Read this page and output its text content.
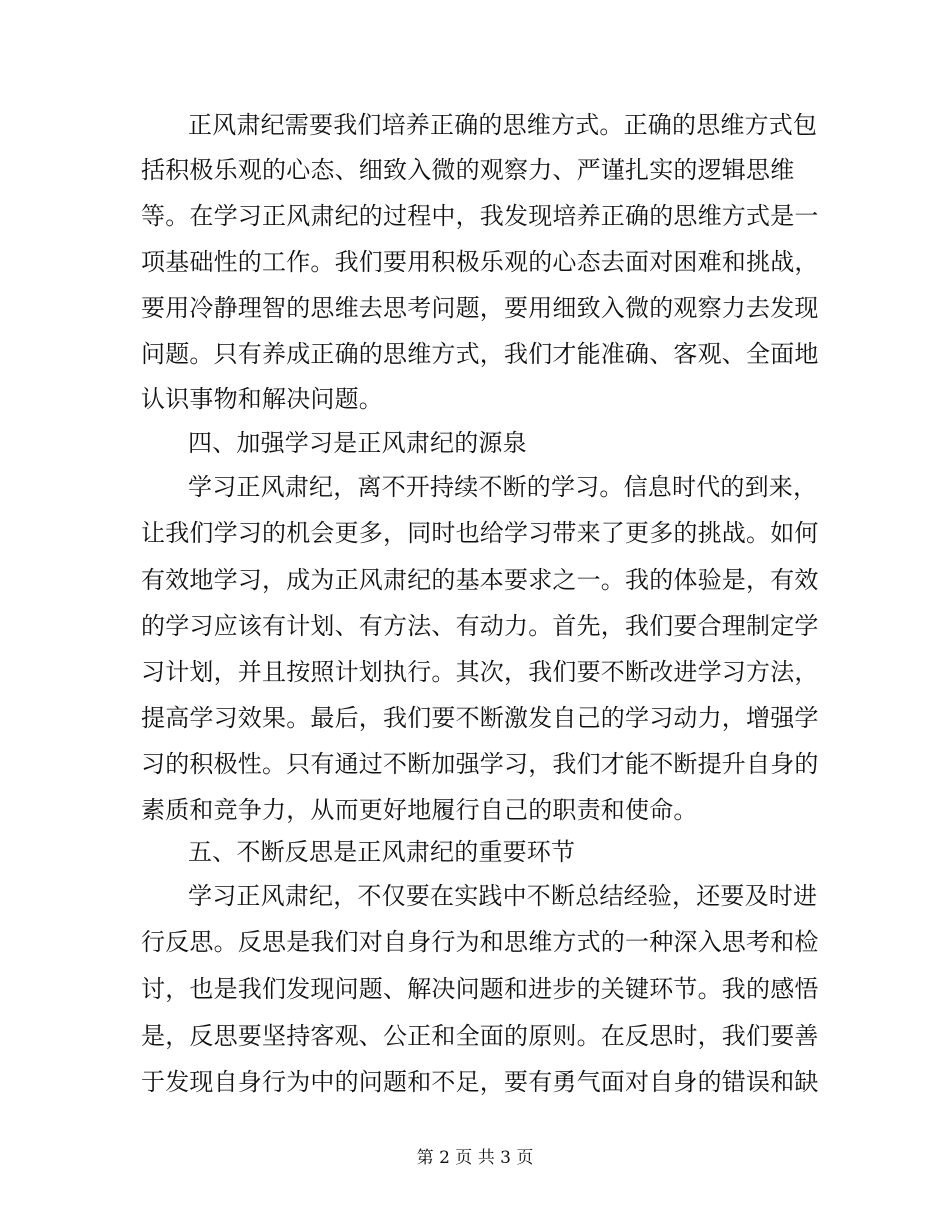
正风肃纪需要我们培养正确的思维方式。正确的思维方式包
括积极乐观的心态、细致入微的观察力、严谨扎实的逻辑思维
等。在学习正风肃纪的过程中，我发现培养正确的思维方式是一
项基础性的工作。我们要用积极乐观的心态去面对困难和挑战，
要用冷静理智的思维去思考问题，要用细致入微的观察力去发现
问题。只有养成正确的思维方式，我们才能准确、客观、全面地
认识事物和解决问题。
四、加强学习是正风肃纪的源泉
学习正风肃纪，离不开持续不断的学习。信息时代的到来，
让我们学习的机会更多，同时也给学习带来了更多的挑战。如何
有效地学习，成为正风肃纪的基本要求之一。我的体验是，有效
的学习应该有计划、有方法、有动力。首先，我们要合理制定学
习计划，并且按照计划执行。其次，我们要不断改进学习方法，
提高学习效果。最后，我们要不断激发自己的学习动力，增强学
习的积极性。只有通过不断加强学习，我们才能不断提升自身的
素质和竞争力，从而更好地履行自己的职责和使命。
五、不断反思是正风肃纪的重要环节
学习正风肃纪，不仅要在实践中不断总结经验，还要及时进
行反思。反思是我们对自身行为和思维方式的一种深入思考和检
讨，也是我们发现问题、解决问题和进步的关键环节。我的感悟
是，反思要坚持客观、公正和全面的原则。在反思时，我们要善
于发现自身行为中的问题和不足，要有勇气面对自身的错误和缺
第 2 页 共 3 页
